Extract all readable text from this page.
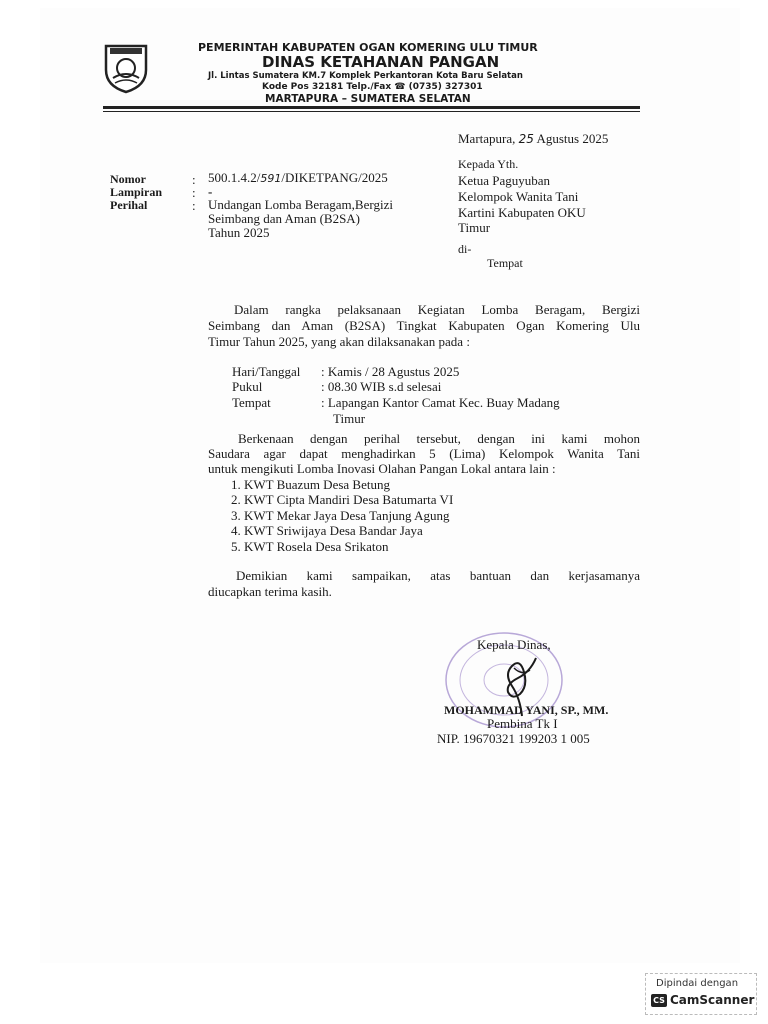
PEMERINTAH KABUPATEN OGAN KOMERING ULU TIMUR
DINAS KETAHANAN PANGAN
Jl. Lintas Sumatera KM.7 Komplek Perkantoran Kota Baru Selatan
Kode Pos 32181 Telp./Fax ☎ (0735) 327301
MARTAPURA – SUMATERA SELATAN
Martapura, 25 Agustus 2025
Kepada Yth.
Ketua Paguyuban
Kelompok Wanita Tani
Kartini Kabupaten OKU
Timur
di-
Tempat
Nomor
Lampiran
Perihal
:
:
:
500.1.4.2/591/DIKETPANG/2025
-
Undangan Lomba Beragam,Bergizi
Seimbang dan Aman (B2SA)
Tahun 2025
Dalam rangka pelaksanaan Kegiatan Lomba Beragam, Bergizi
Seimbang dan Aman (B2SA) Tingkat Kabupaten Ogan Komering Ulu
Timur Tahun 2025, yang akan dilaksanakan pada :
Hari/Tanggal : Kamis / 28 Agustus 2025
Pukul	: 08.30 WIB s.d selesai
Tempat	: Lapangan Kantor Camat Kec. Buay Madang
Timur
Berkenaan dengan perihal tersebut, dengan ini kami mohon
Saudara agar dapat menghadirkan 5 (Lima) Kelompok Wanita Tani
untuk mengikuti Lomba Inovasi Olahan Pangan Lokal antara lain :
1. KWT Buazum Desa Betung
2. KWT Cipta Mandiri Desa Batumarta VI
3. KWT Mekar Jaya Desa Tanjung Agung
4. KWT Sriwijaya Desa Bandar Jaya
5. KWT Rosela Desa Srikaton
Demikian kami sampaikan, atas bantuan dan kerjasamanya
diucapkan terima kasih.
Kepala Dinas,
MOHAMMAD YANI, SP., MM.
Pembina Tk I
NIP. 19670321 199203 1 005
Dipindai dengan
CS CamScanner
